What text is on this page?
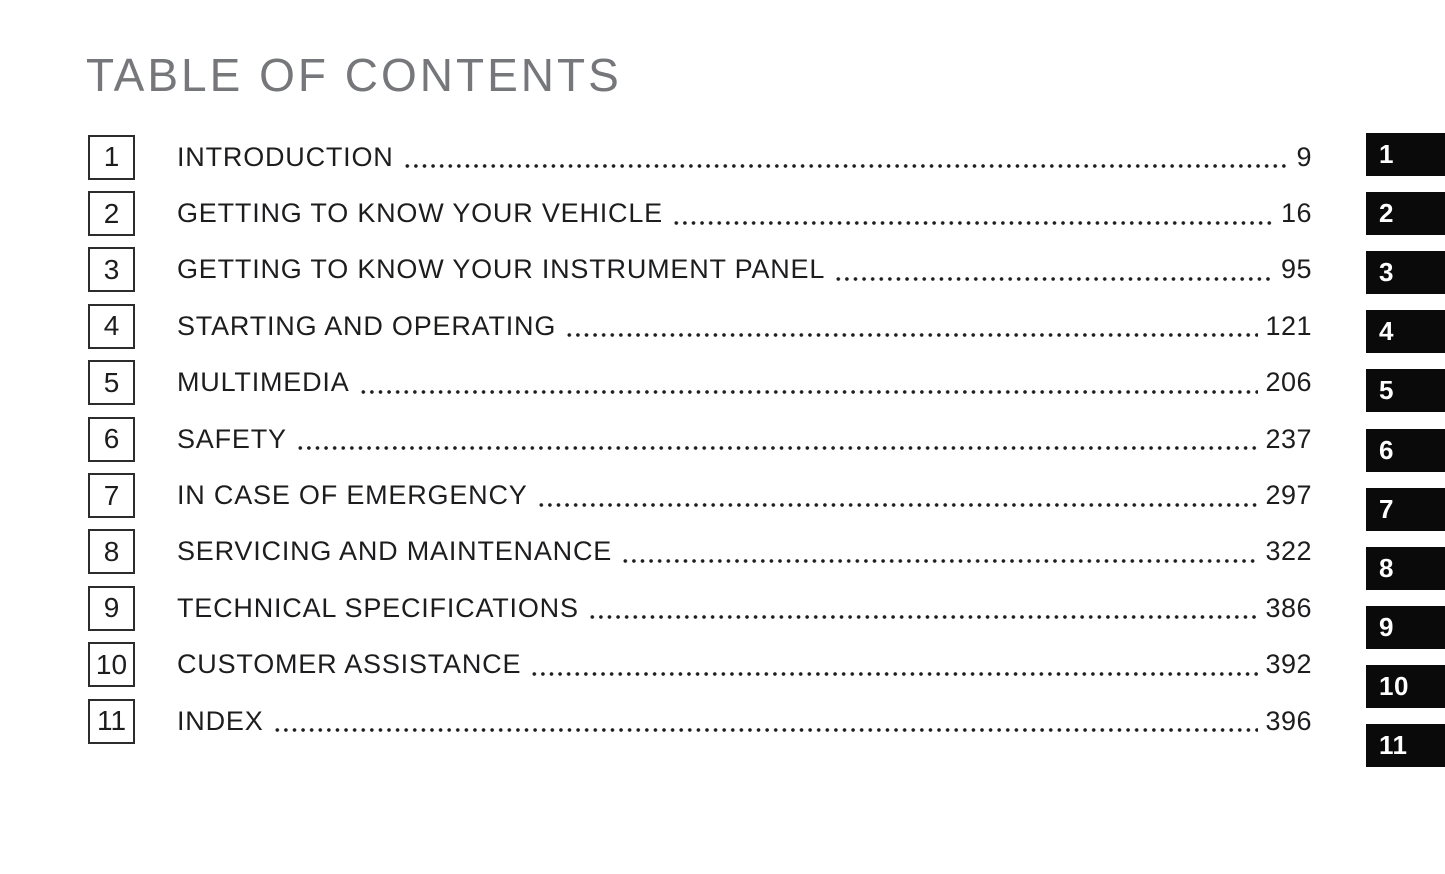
TABLE OF CONTENTS
1 INTRODUCTION	9
2 GETTING TO KNOW YOUR VEHICLE	16
3 GETTING TO KNOW YOUR INSTRUMENT PANEL	95
4 STARTING AND OPERATING	121
5 MULTIMEDIA	206
6 SAFETY	237
7 IN CASE OF EMERGENCY	297
8 SERVICING AND MAINTENANCE	322
9 TECHNICAL SPECIFICATIONS	386
10 CUSTOMER ASSISTANCE	392
11 INDEX	396
1
2
3
4
5
6
7
8
9
10
11
